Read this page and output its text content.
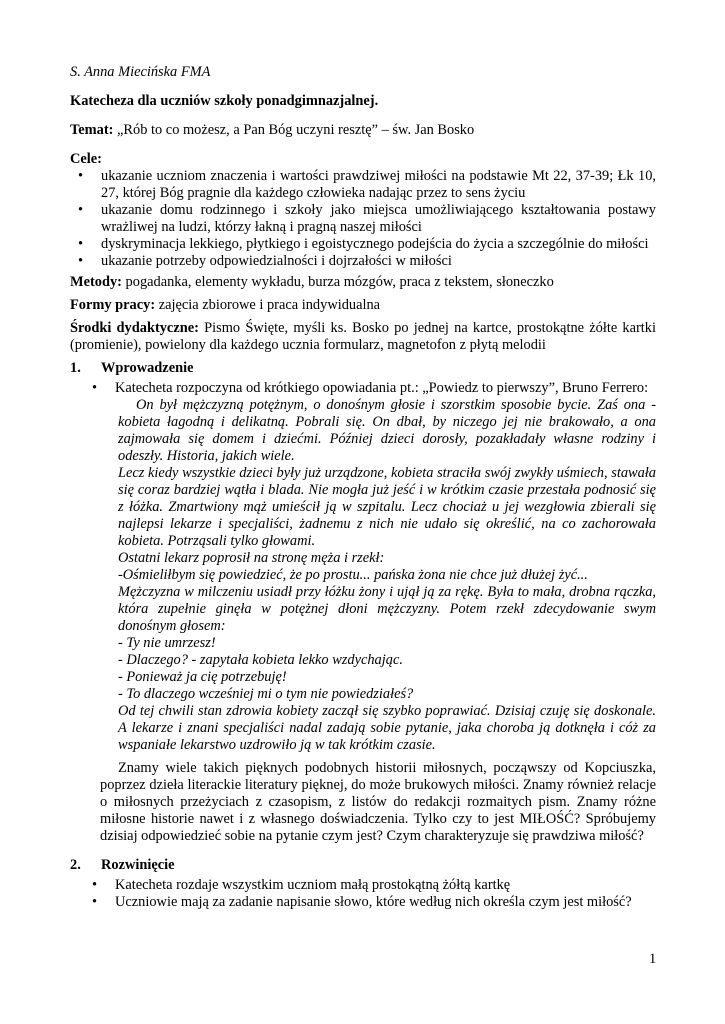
S. Anna Miecińska FMA

Katecheza dla uczniów szkoły ponadgimnazjalnej.

Temat: „Rób to co możesz, a Pan Bóg uczyni resztę” – św. Jan Bosko

Cele:

• ukazanie uczniom znaczenia i wartości prawdziwej miłości na podstawie Mt 22, 37-39; Łk 10, 27, której Bóg pragnie dla każdego człowieka nadając przez to sens życiu
• ukazanie domu rodzinnego i szkoły jako miejsca umożliwiającego kształtowania postawy wrażliwej na ludzi, którzy łakną i pragną naszej miłości
• dyskryminacja lekkiego, płytkiego i egoistycznego podejścia do życia a szczególnie do miłości
• ukazanie potrzeby odpowiedzialności i dojrzałości w miłości

Metody: pogadanka, elementy wykładu, burza mózgów, praca z tekstem, słoneczko

Formy pracy: zajęcia zbiorowe i praca indywidualna

Środki dydaktyczne: Pismo Święte, myśli ks. Bosko po jednej na kartce, prostokątne żółte kartki (promienie), powielony dla każdego ucznia formularz, magnetofon z płytą melodii

1.	Wprowadzenie
• Katecheta rozpoczyna od krótkiego opowiadania pt.: „Powiedz to pierwszy”, Bruno Ferrero:

On był mężczyzną potężnym, o donośnym głosie i szorstkim sposobie bycie. Zaś ona - kobieta łagodną i delikatną. Pobrali się. On dbał, by niczego jej nie brakowało, a ona zajmowała się domem i dziećmi. Później dzieci dorosły, pozakładały własne rodziny i odeszły. Historia, jakich wiele.

Lecz kiedy wszystkie dzieci były już urządzone, kobieta straciła swój zwykły uśmiech, stawała się coraz bardziej wątła i blada. Nie mogła już jeść i w krótkim czasie przestała podnosić się z łóżka. Zmartwiony mąż umieścił ją w szpitalu. Lecz chociaż u jej wezgłowia zbierali się najlepsi lekarze i specjaliści, żadnemu z nich nie udało się określić, na co zachorowała kobieta. Potrząsali tylko głowami.

Ostatni lekarz poprosił na stronę męża i rzekł:

-Ośmieliłbym się powiedzieć, że po prostu... pańska żona nie chce już dłużej żyć...

Mężczyzna w milczeniu usiadł przy łóżku żony i ujął ją za rękę. Była to mała, drobna rączka, która zupełnie ginęła w potężnej dłoni mężczyzny. Potem rzekł zdecydowanie swym donośnym głosem:

- Ty nie umrzesz!

- Dlaczego? - zapytała kobieta lekko wzdychając.

- Ponieważ ja cię potrzebuję!

- To dlaczego wcześniej mi o tym nie powiedziałeś?

Od tej chwili stan zdrowia kobiety zaczął się szybko poprawiać. Dzisiaj czuję się doskonale. A lekarze i znani specjaliści nadal zadają sobie pytanie, jaka choroba ją dotknęła i cóż za wspaniałe lekarstwo uzdrowiło ją w tak krótkim czasie.

Znamy wiele takich pięknych podobnych historii miłosnych, począwszy od Kopciuszka, poprzez dzieła literackie literatury pięknej, do może brukowych miłości. Znamy również relacje o miłosnych przeżyciach z czasopism, z listów do redakcji rozmaitych pism. Znamy różne miłosne historie nawet i z własnego doświadczenia. Tylko czy to jest MIŁOŚĆ? Spróbujemy dzisiaj odpowiedzieć sobie na pytanie czym jest? Czym charakteryzuje się prawdziwa miłość?

2.	Rozwinięcie
• Katecheta rozdaje wszystkim uczniom małą prostokątną żółtą kartkę
• Uczniowie mają za zadanie napisanie słowo, które według nich określa czym jest miłość?
1
